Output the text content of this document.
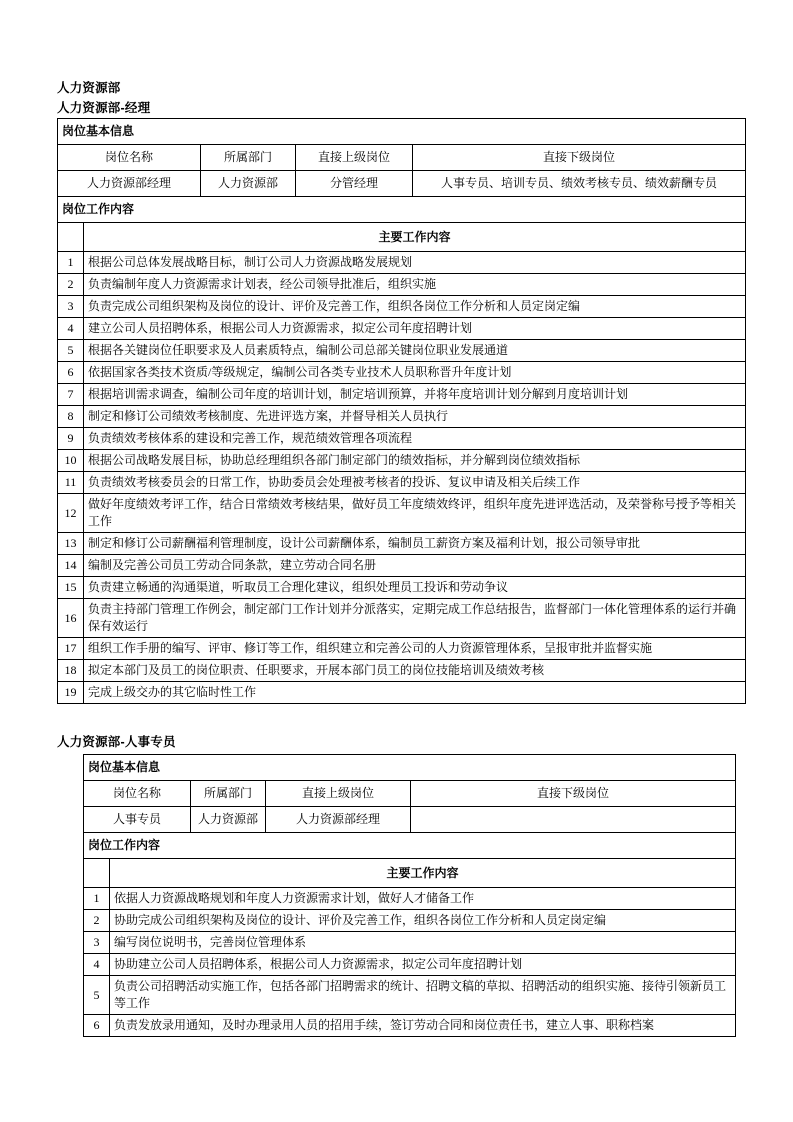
人力资源部
人力资源部-经理
岗位基本信息				
岗位名称		所属部门	直接上级岗位	直接下级岗位
人力资源部经理		人力资源部	分管经理	人事专员、培训专员、绩效考核专员、绩效薪酬专员
岗位工作内容				
	主要工作内容			
1	根据公司总体发展战略目标，制订公司人力资源战略发展规划			
2	负责编制年度人力资源需求计划表，经公司领导批准后，组织实施			
3	负责完成公司组织架构及岗位的设计、评价及完善工作，组织各岗位工作分析和人员定岗定编			
4	建立公司人员招聘体系，根据公司人力资源需求，拟定公司年度招聘计划			
5	根据各关键岗位任职要求及人员素质特点，编制公司总部关键岗位职业发展通道			
6	依据国家各类技术资质/等级规定，编制公司各类专业技术人员职称晋升年度计划			
7	根据培训需求调查，编制公司年度的培训计划，制定培训预算，并将年度培训计划分解到月度培训计划			
8	制定和修订公司绩效考核制度、先进评选方案，并督导相关人员执行			
9	负责绩效考核体系的建设和完善工作，规范绩效管理各项流程			
10	根据公司战略发展目标，协助总经理组织各部门制定部门的绩效指标，并分解到岗位绩效指标			
11	负责绩效考核委员会的日常工作，协助委员会处理被考核者的投诉、复议申请及相关后续工作			
12	做好年度绩效考评工作，结合日常绩效考核结果，做好员工年度绩效终评，组织年度先进评选活动，及荣誉称号授予等相关工作			
13	制定和修订公司薪酬福利管理制度，设计公司薪酬体系，编制员工薪资方案及福利计划，报公司领导审批			
14	编制及完善公司员工劳动合同条款，建立劳动合同名册			
15	负责建立畅通的沟通渠道，听取员工合理化建议，组织处理员工投诉和劳动争议			
16	负责主持部门管理工作例会，制定部门工作计划并分派落实，定期完成工作总结报告，监督部门一体化管理体系的运行并确保有效运行			
17	组织工作手册的编写、评审、修订等工作，组织建立和完善公司的人力资源管理体系，呈报审批并监督实施			
18	拟定本部门及员工的岗位职责、任职要求，开展本部门员工的岗位技能培训及绩效考核			
19	完成上级交办的其它临时性工作			
人力资源部-人事专员
岗位基本信息				
岗位名称		所属部门	直接上级岗位	直接下级岗位
人事专员		人力资源部	人力资源部经理	
岗位工作内容				
	主要工作内容			
1	依据人力资源战略规划和年度人力资源需求计划，做好人才储备工作			
2	协助完成公司组织架构及岗位的设计、评价及完善工作，组织各岗位工作分析和人员定岗定编			
3	编写岗位说明书，完善岗位管理体系			
4	协助建立公司人员招聘体系，根据公司人力资源需求，拟定公司年度招聘计划			
5	负责公司招聘活动实施工作，包括各部门招聘需求的统计、招聘文稿的草拟、招聘活动的组织实施、接待引领新员工等工作			
6	负责发放录用通知，及时办理录用人员的招用手续，签订劳动合同和岗位责任书，建立人事、职称档案			
